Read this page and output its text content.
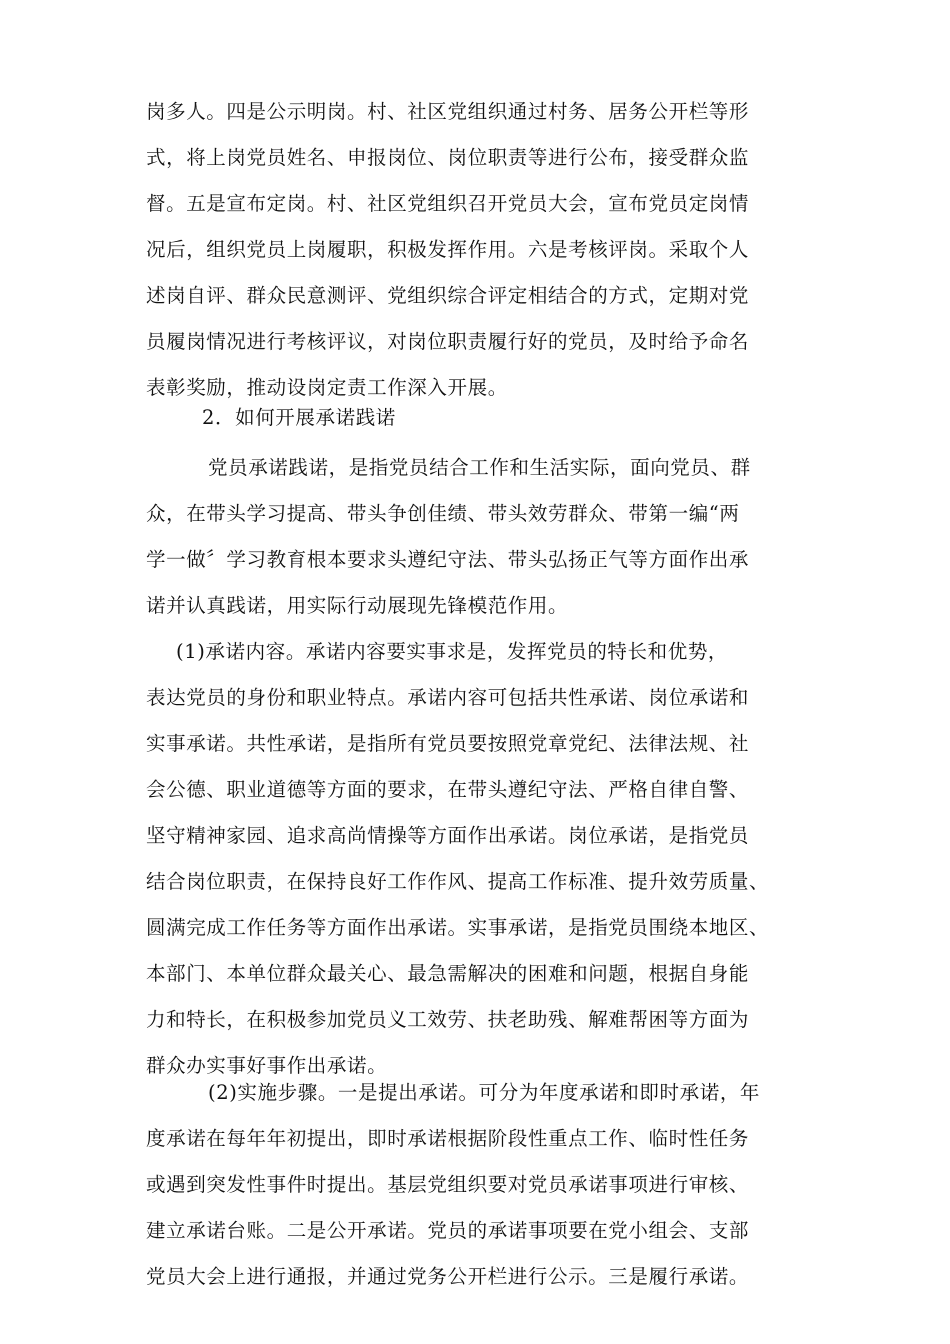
岗多人。四是公示明岗。村、社区党组织通过村务、居务公开栏等形
式，将上岗党员姓名、申报岗位、岗位职责等进行公布，接受群众监
督。五是宣布定岗。村、社区党组织召开党员大会，宣布党员定岗情
况后，组织党员上岗履职，积极发挥作用。六是考核评岗。采取个人
述岗自评、群众民意测评、党组织综合评定相结合的方式，定期对党
员履岗情况进行考核评议，对岗位职责履行好的党员，及时给予命名
表彰奖励，推动设岗定责工作深入开展。
2．如何开展承诺践诺
党员承诺践诺，是指党员结合工作和生活实际，面向党员、群
众，在带头学习提高、带头争创佳绩、带头效劳群众、带第一编“两
学一做〞学习教育根本要求头遵纪守法、带头弘扬正气等方面作出承
诺并认真践诺，用实际行动展现先锋模范作用。
(1)承诺内容。承诺内容要实事求是，发挥党员的特长和优势，
表达党员的身份和职业特点。承诺内容可包括共性承诺、岗位承诺和
实事承诺。共性承诺，是指所有党员要按照党章党纪、法律法规、社
会公德、职业道德等方面的要求，在带头遵纪守法、严格自律自警、
坚守精神家园、追求高尚情操等方面作出承诺。岗位承诺，是指党员
结合岗位职责，在保持良好工作作风、提高工作标准、提升效劳质量、
圆满完成工作任务等方面作出承诺。实事承诺，是指党员围绕本地区、
本部门、本单位群众最关心、最急需解决的困难和问题，根据自身能
力和特长，在积极参加党员义工效劳、扶老助残、解难帮困等方面为
群众办实事好事作出承诺。
(2)实施步骤。一是提出承诺。可分为年度承诺和即时承诺，年
度承诺在每年年初提出，即时承诺根据阶段性重点工作、临时性任务
或遇到突发性事件时提出。基层党组织要对党员承诺事项进行审核、
建立承诺台账。二是公开承诺。党员的承诺事项要在党小组会、支部
党员大会上进行通报，并通过党务公开栏进行公示。三是履行承诺。
